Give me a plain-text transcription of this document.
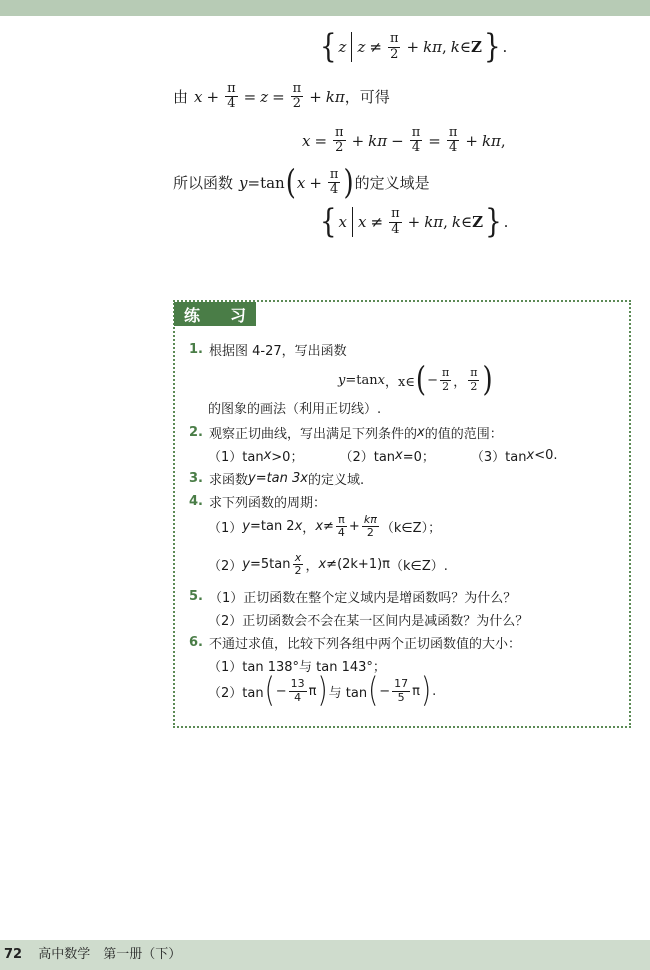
{ z $z \ne \frac{\pi}{2} + k\pi$ , k ∈ Z } .
由 $x + \frac{\pi}{4} = z = \frac{\pi}{2} + k\pi$ ，可得
$x = \frac{\pi}{2} + k\pi - \frac{\pi}{4} = \frac{\pi}{4} + k\pi$ ,
所以函数 y =tan ( $x + \frac{\pi}{4}$ ) 的定义域是
{ x $x \ne \frac{\pi}{4} + k\pi$ , k ∈ Z } .
练 习
1. 根据图 4-27，写出函数
y =tan x ，x∈ ( − $\frac{\pi}{2}$ ， $\frac{\pi}{2}$ )
的图象的画法（利用正切线）.
2. 观察正切曲线，写出满足下列条件的 x 的值的范围：
（1）tan x >0；	（2）tan x =0；	（3）tan x <0.
3. 求函数 y=tan 3x 的定义域.
4. 求下列函数的周期：
（1） y =tan 2 x ， $x \ne \frac{\pi}{4} + \frac{k\pi}{2}$ （k∈Z）；
（2） $y =5\tan \frac{x}{2}$ ， x ≠(2k+1)π （k∈Z）.
5. （1）正切函数在整个定义域内是增函数吗？为什么？
（2）正切函数会不会在某一区间内是减函数？为什么？
6. 不通过求值，比较下列各组中两个正切函数值的大小：
（1）tan 138°与 tan 143°；
（2）tan ( − $\frac{13}{4}$ π ) 与 tan ( − $\frac{17}{5}$ π ) .
72 高中数学　第一册（下）
